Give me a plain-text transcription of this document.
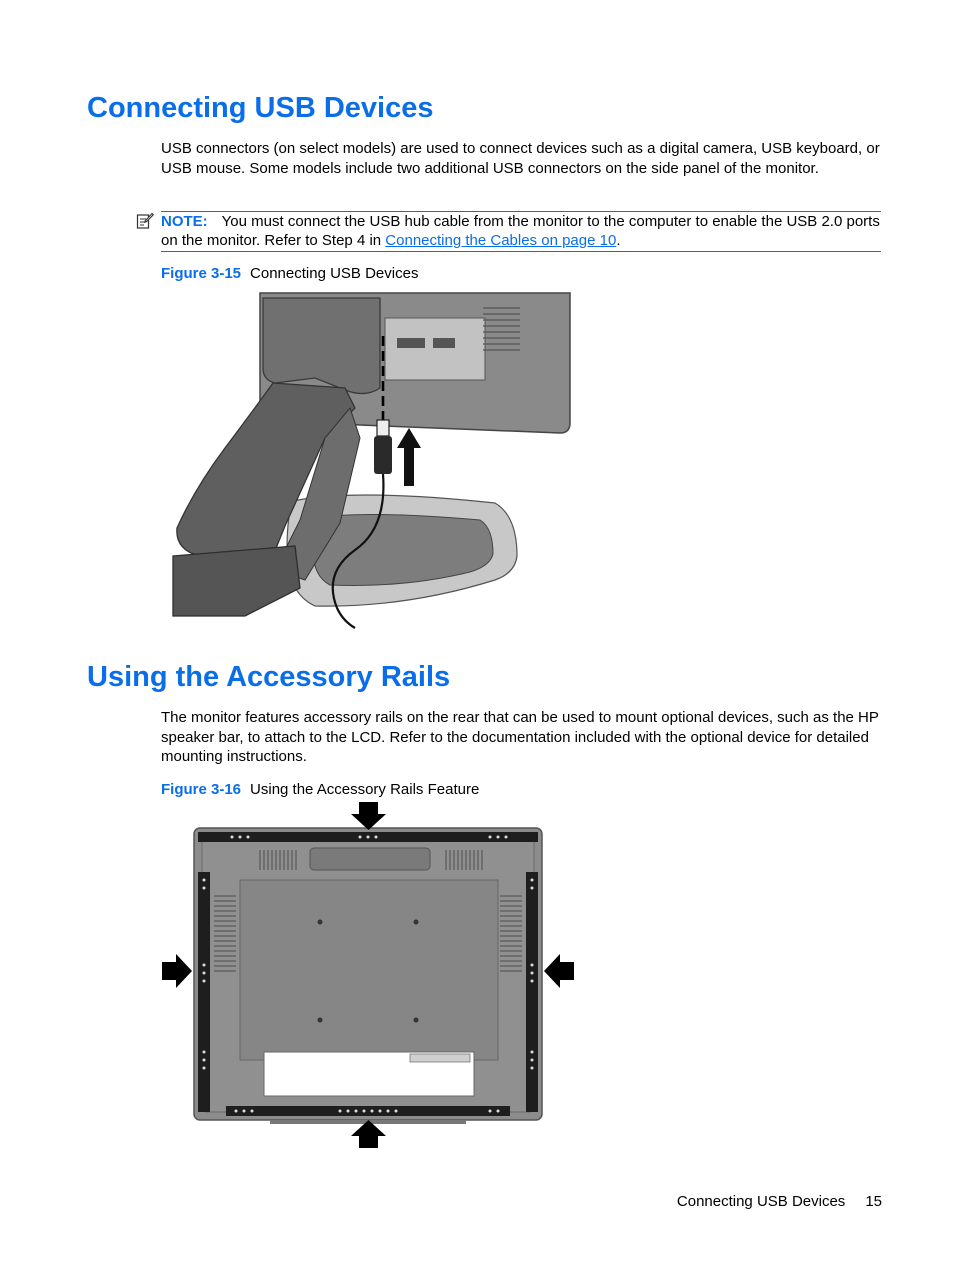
Connecting USB Devices

USB connectors (on select models) are used to connect devices such as a digital camera, USB keyboard, or USB mouse. Some models include two additional USB connectors on the side panel of the monitor.

NOTE: You must connect the USB hub cable from the monitor to the computer to enable the USB 2.0 ports on the monitor. Refer to Step 4 in Connecting the Cables on page 10.
Figure 3-15 Connecting USB Devices
Using the Accessory Rails

The monitor features accessory rails on the rear that can be used to mount optional devices, such as the HP speaker bar, to attach to the LCD. Refer to the documentation included with the optional device for detailed mounting instructions.

Figure 3-16 Using the Accessory Rails Feature
Connecting USB Devices 15
